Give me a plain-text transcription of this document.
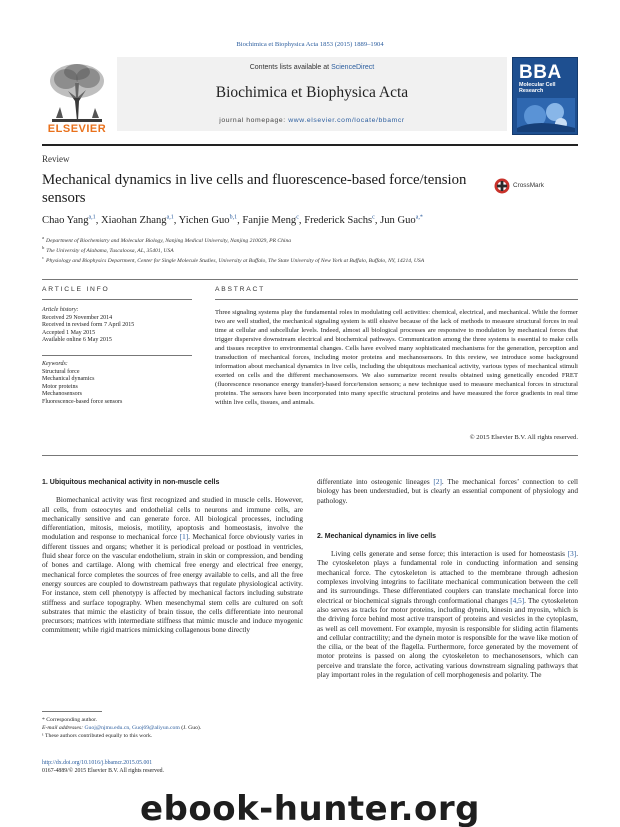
Biochimica et Biophysica Acta 1853 (2015) 1889–1904
ELSEVIER
Contents lists available at ScienceDirect
Biochimica et Biophysica Acta
journal homepage: www.elsevier.com/locate/bbamcr
BBA
Molecular Cell Research
Review
Mechanical dynamics in live cells and fluorescence-based force/tension sensors
CrossMark
Chao Yang$^{a,1}$, Xiaohan Zhang$^{a,1}$, Yichen Guo$^{b,1}$, Fanjie Meng$^c$, Frederick Sachs$^c$, Jun Guo$^{a,*}$
$^a$Department of Biochemistry and Molecular Biology, Nanjing Medical University, Nanjing 210029, PR China
$^b$The University of Alabama, Tuscaloosa, AL, 35401, USA
$^c$Physiology and Biophysics Department, Center for Single Molecule Studies, University at Buffalo, The State University of New York at Buffalo, Buffalo, NY, 14214, USA
ARTICLE INFO	ABSTRACT
Article history:
Received 29 November 2014
Received in revised form 7 April 2015
Accepted 1 May 2015
Available online 6 May 2015
Keywords:
Structural force
Mechanical dynamics
Motor proteins
Mechanosensors
Fluorescence-based force sensors
Three signaling systems play the fundamental roles in modulating cell activities: chemical, electrical, and mechanical. While the former two are well studied, the mechanical signaling system is still elusive because of the lack of methods to measure structural forces in real time at cellular and subcellular levels. Indeed, almost all biological processes are responsive to modulation by mechanical forces that trigger dispersive downstream electrical and biochemical pathways. Communication among the three systems is essential to make cells and tissues receptive to environmental changes. Cells have evolved many sophisticated mechanisms for the generation, perception and transduction of mechanical forces, including motor proteins and mechanosensors. In this review, we introduce some background information about mechanical dynamics in live cells, including the ubiquitous mechanical activity, various types of mechanical stimuli exerted on cells and the different mechanosensors. We also summarize recent results obtained using genetically encoded FRET (fluorescence resonance energy transfer)-based force/tension sensors; a new technique used to measure mechanical forces in structural proteins. The sensors have been incorporated into many specific structural proteins and have measured the force gradients in real time within live cells, tissues, and animals.
© 2015 Elsevier B.V. All rights reserved.

1. Ubiquitous mechanical activity in non-muscle cells

Biomechanical activity was first recognized and studied in muscle cells. However, all cells, from osteocytes and endothelial cells to neurons and immune cells, are mechanically sensitive and can generate force. All biological processes, including differentiation, mitosis, meiosis, motility, apoptosis and homeostasis, involve the modulation and response to mechanical force [1]. Mechanical force obviously varies in different tissues and organs; whether it is periodical preload or postload in ventricles, fluid shear force on the vascular endothelium, strain in skin or compression, and bending of bones and cartilage. Along with chemical free energy and electrical free energy, mechanical force completes the sources of free energy available to cells, and all the free energy sources are coupled to downstream pathways that regulate physiological activity. For instance, stem cell phenotypy is affected by mechanical factors including substrate stiffness and surface topography. When mesenchymal stem cells are cultured on soft substrates that mimic the elasticity of brain tissue, the cells differentiate into neuronal precursors; matrices with intermediate stiffness that mimic muscle and induce myogenic commitment; while rigid matrices mimicking collagenous bone directly

differentiate into osteogenic lineages [2]. The mechanical forces’ connection to cell biology has been understudied, but is clearly an essential component of physiology and pathology.

2. Mechanical dynamics in live cells

Living cells generate and sense force; this interaction is used for homeostasis [3]. The cytoskeleton plays a fundamental role in conducting information and sensing mechanical force. The cytoskeleton is attached to the membrane through adhesion complexes involving integrins to facilitate mechanical communication between the cell and its surroundings. These differentiated couplers can translate mechanical force into electrical or biochemical signals through conformational changes [4,5]. The cytoskeleton also serves as tracks for motor proteins, including dynein, kinesin and myosin, which is the driving force behind most active transport of proteins and vesicles in the cytoplasm, as well as cell movement. For example, myosin is responsible for sliding actin filaments and cellular contractility; and the dynein motor is responsible for the wave like motion of the cilia, or the beat of the flagella. Furthermore, force generated by the movement of motor proteins is passed on along the cytoskeleton to mechanosensors, which can perceive and translate the force, activating various downstream signaling pathways that play important roles in the regulation of cell morphogenesis and polarity. The

* Corresponding author.
E-mail addresses: Guoj@njmu.edu.cn, Guoj69@aliyun.com (J. Guo).
¹ These authors contributed equally to this work.
http://dx.doi.org/10.1016/j.bbamcr.2015.05.001
0167-4889/© 2015 Elsevier B.V. All rights reserved.
ebook-hunter.org
